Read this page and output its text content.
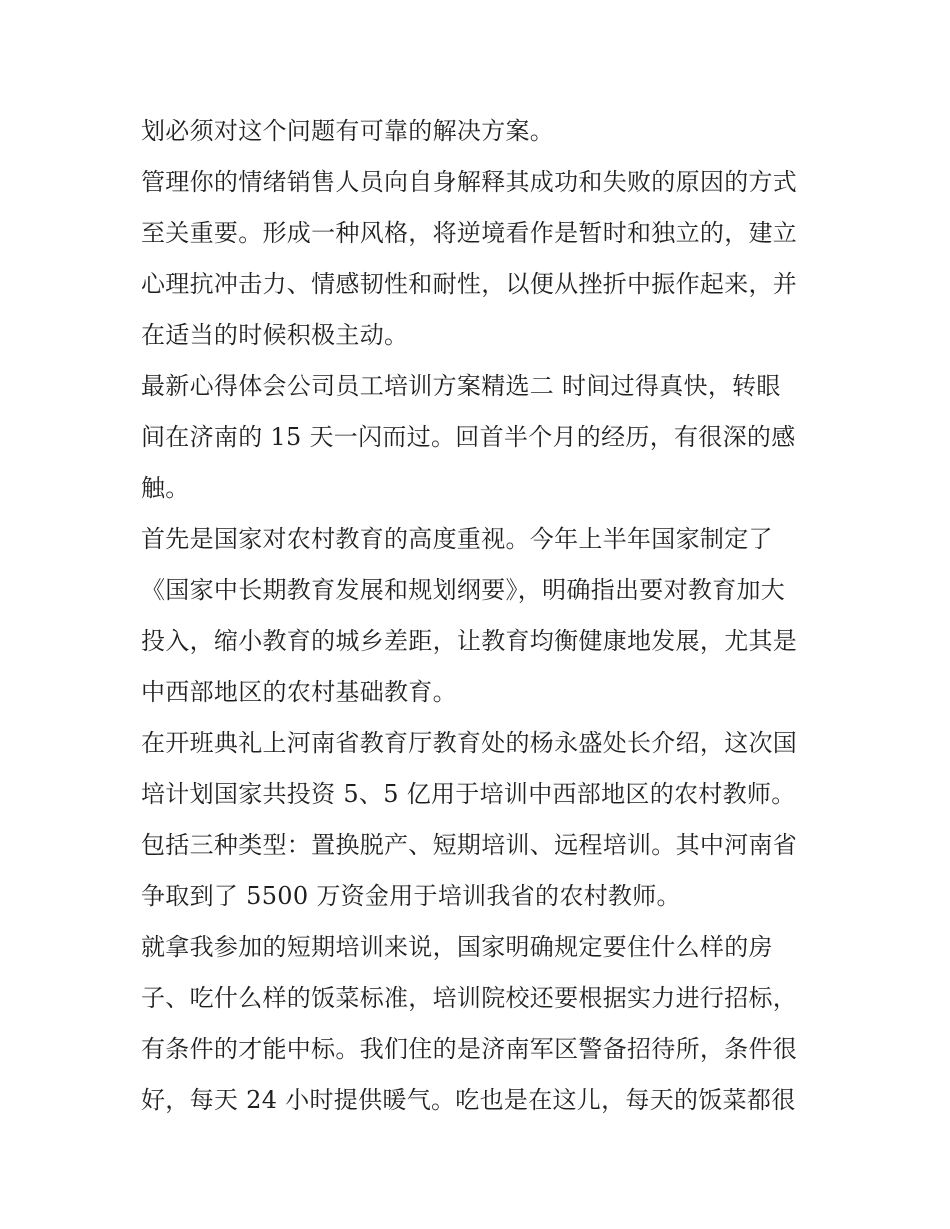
划必须对这个问题有可靠的解决方案。
管理你的情绪销售人员向自身解释其成功和失败的原因的方式
至关重要。形成一种风格，将逆境看作是暂时和独立的，建立
心理抗冲击力、情感韧性和耐性，以便从挫折中振作起来，并
在适当的时候积极主动。
最新心得体会公司员工培训方案精选二 时间过得真快，转眼
间在济南的 15 天一闪而过。回首半个月的经历，有很深的感
触。
首先是国家对农村教育的高度重视。今年上半年国家制定了
《国家中长期教育发展和规划纲要》，明确指出要对教育加大
投入，缩小教育的城乡差距，让教育均衡健康地发展，尤其是
中西部地区的农村基础教育。
在开班典礼上河南省教育厅教育处的杨永盛处长介绍，这次国
培计划国家共投资 5、5 亿用于培训中西部地区的农村教师。
包括三种类型：置换脱产、短期培训、远程培训。其中河南省
争取到了 5500 万资金用于培训我省的农村教师。
就拿我参加的短期培训来说，国家明确规定要住什么样的房
子、吃什么样的饭菜标准，培训院校还要根据实力进行招标，
有条件的才能中标。我们住的是济南军区警备招待所，条件很
好，每天 24 小时提供暖气。吃也是在这儿，每天的饭菜都很
